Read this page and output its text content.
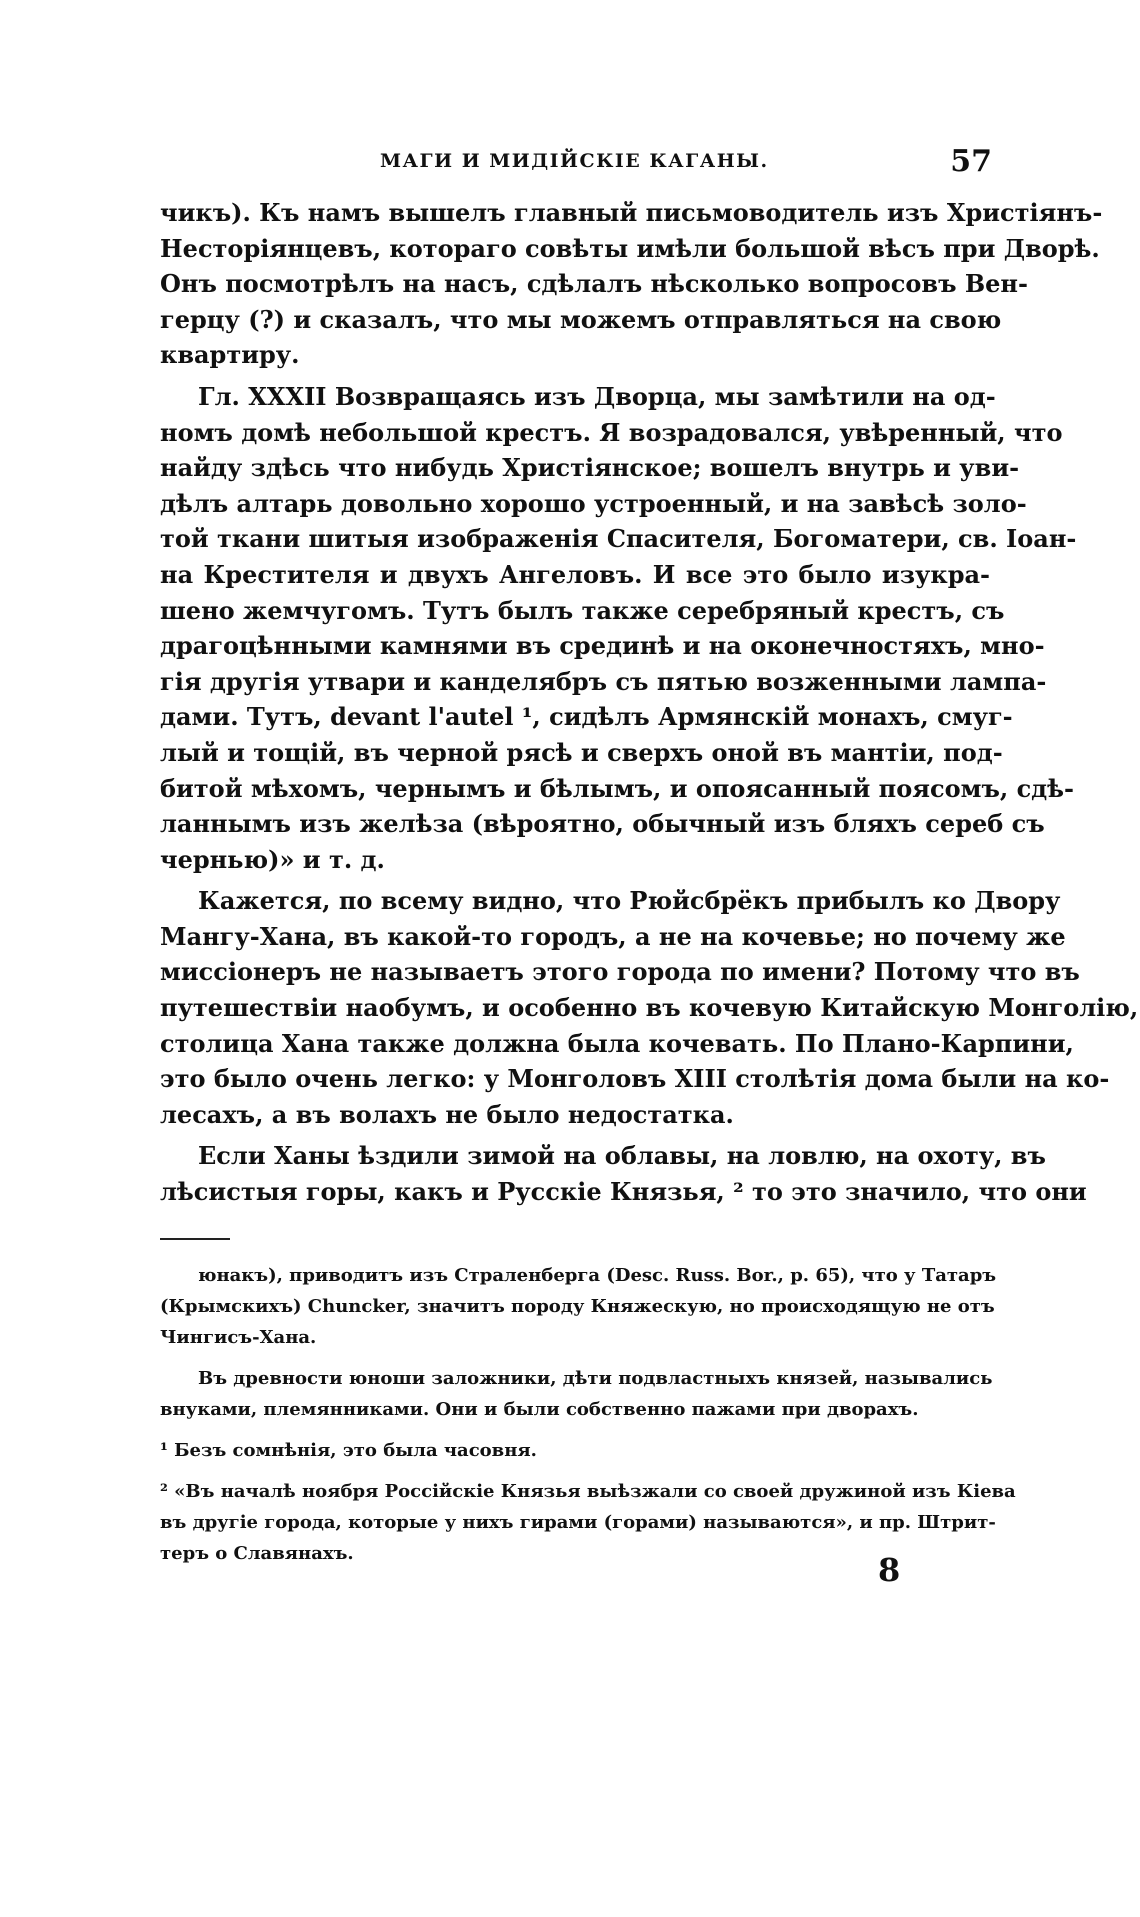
МАГИ И МИДІЙСКІЕ КАГАНЫ.	57
чикъ). Къ намъ вышелъ главный письмоводитель изъ Христіянъ-
Несторіянцевъ, котораго совѣты имѣли большой вѣсъ при Дворѣ.
Онъ посмотрѣлъ на насъ, сдѣлалъ нѣсколько вопросовъ Вен-
герцу (?) и сказалъ, что мы можемъ отправляться на свою
квартиру.
Гл. XXXII Возвращаясь изъ Дворца, мы замѣтили на од-
номъ домѣ небольшой крестъ. Я возрадовался, увѣренный, что
найду здѣсь что нибудь Христіянское; вошелъ внутрь и уви-
дѣлъ алтарь довольно хорошо устроенный, и на завѣсѣ золо-
той ткани шитыя изображенія Спасителя, Богоматери, св. Іоан-
на Крестителя и двухъ Ангеловъ. И все это было изукра-
шено жемчугомъ. Тутъ былъ также серебряный крестъ, съ
драгоцѣнными камнями въ срединѣ и на оконечностяхъ, мно-
гія другія утвари и канделябръ съ пятью возженными лампа-
дами. Тутъ, devant l'autel ¹, сидѣлъ Армянскій монахъ, смуг-
лый и тощій, въ черной рясѣ и сверхъ оной въ мантіи, под-
битой мѣхомъ, чернымъ и бѣлымъ, и опоясанный поясомъ, сдѣ-
ланнымъ изъ желѣза (вѣроятно, обычный изъ бляхъ сереб съ
чернью)» и т. д.
Кажется, по всему видно, что Рюйсбрёкъ прибылъ ко Двору
Мангу-Хана, въ какой-то городъ, а не на кочевье; но почему же
миссіонеръ не называетъ этого города по имени? Потому что въ
путешествіи наобумъ, и особенно въ кочевую Китайскую Монголію,
столица Хана также должна была кочевать. По Плано-Карпини,
это было очень легко: у Монголовъ XIII столѣтія дома были на ко-
лесахъ, а въ волахъ не было недостатка.
Если Ханы ѣздили зимой на облавы, на ловлю, на охоту, въ
лѣсистыя горы, какъ и Русскіе Князья, ² то это значило, что они
юнакъ), приводитъ изъ Страленберга (Desc. Russ. Bor., p. 65), что у Татаръ
(Крымскихъ) Chuncker, значитъ породу Княжескую, но происходящую не отъ
Чингисъ-Хана.
Въ древности юноши заложники, дѣти подвластныхъ князей, назывались
внуками, племянниками. Они и были собственно пажами при дворахъ.
¹ Безъ сомнѣнія, это была часовня.
² «Въ началѣ ноября Россійскіе Князья выѣзжали со своей дружиной изъ Кіева
въ другіе города, которые у нихъ гирами (горами) называются», и пр. Штрит-
теръ о Славянахъ.	8
